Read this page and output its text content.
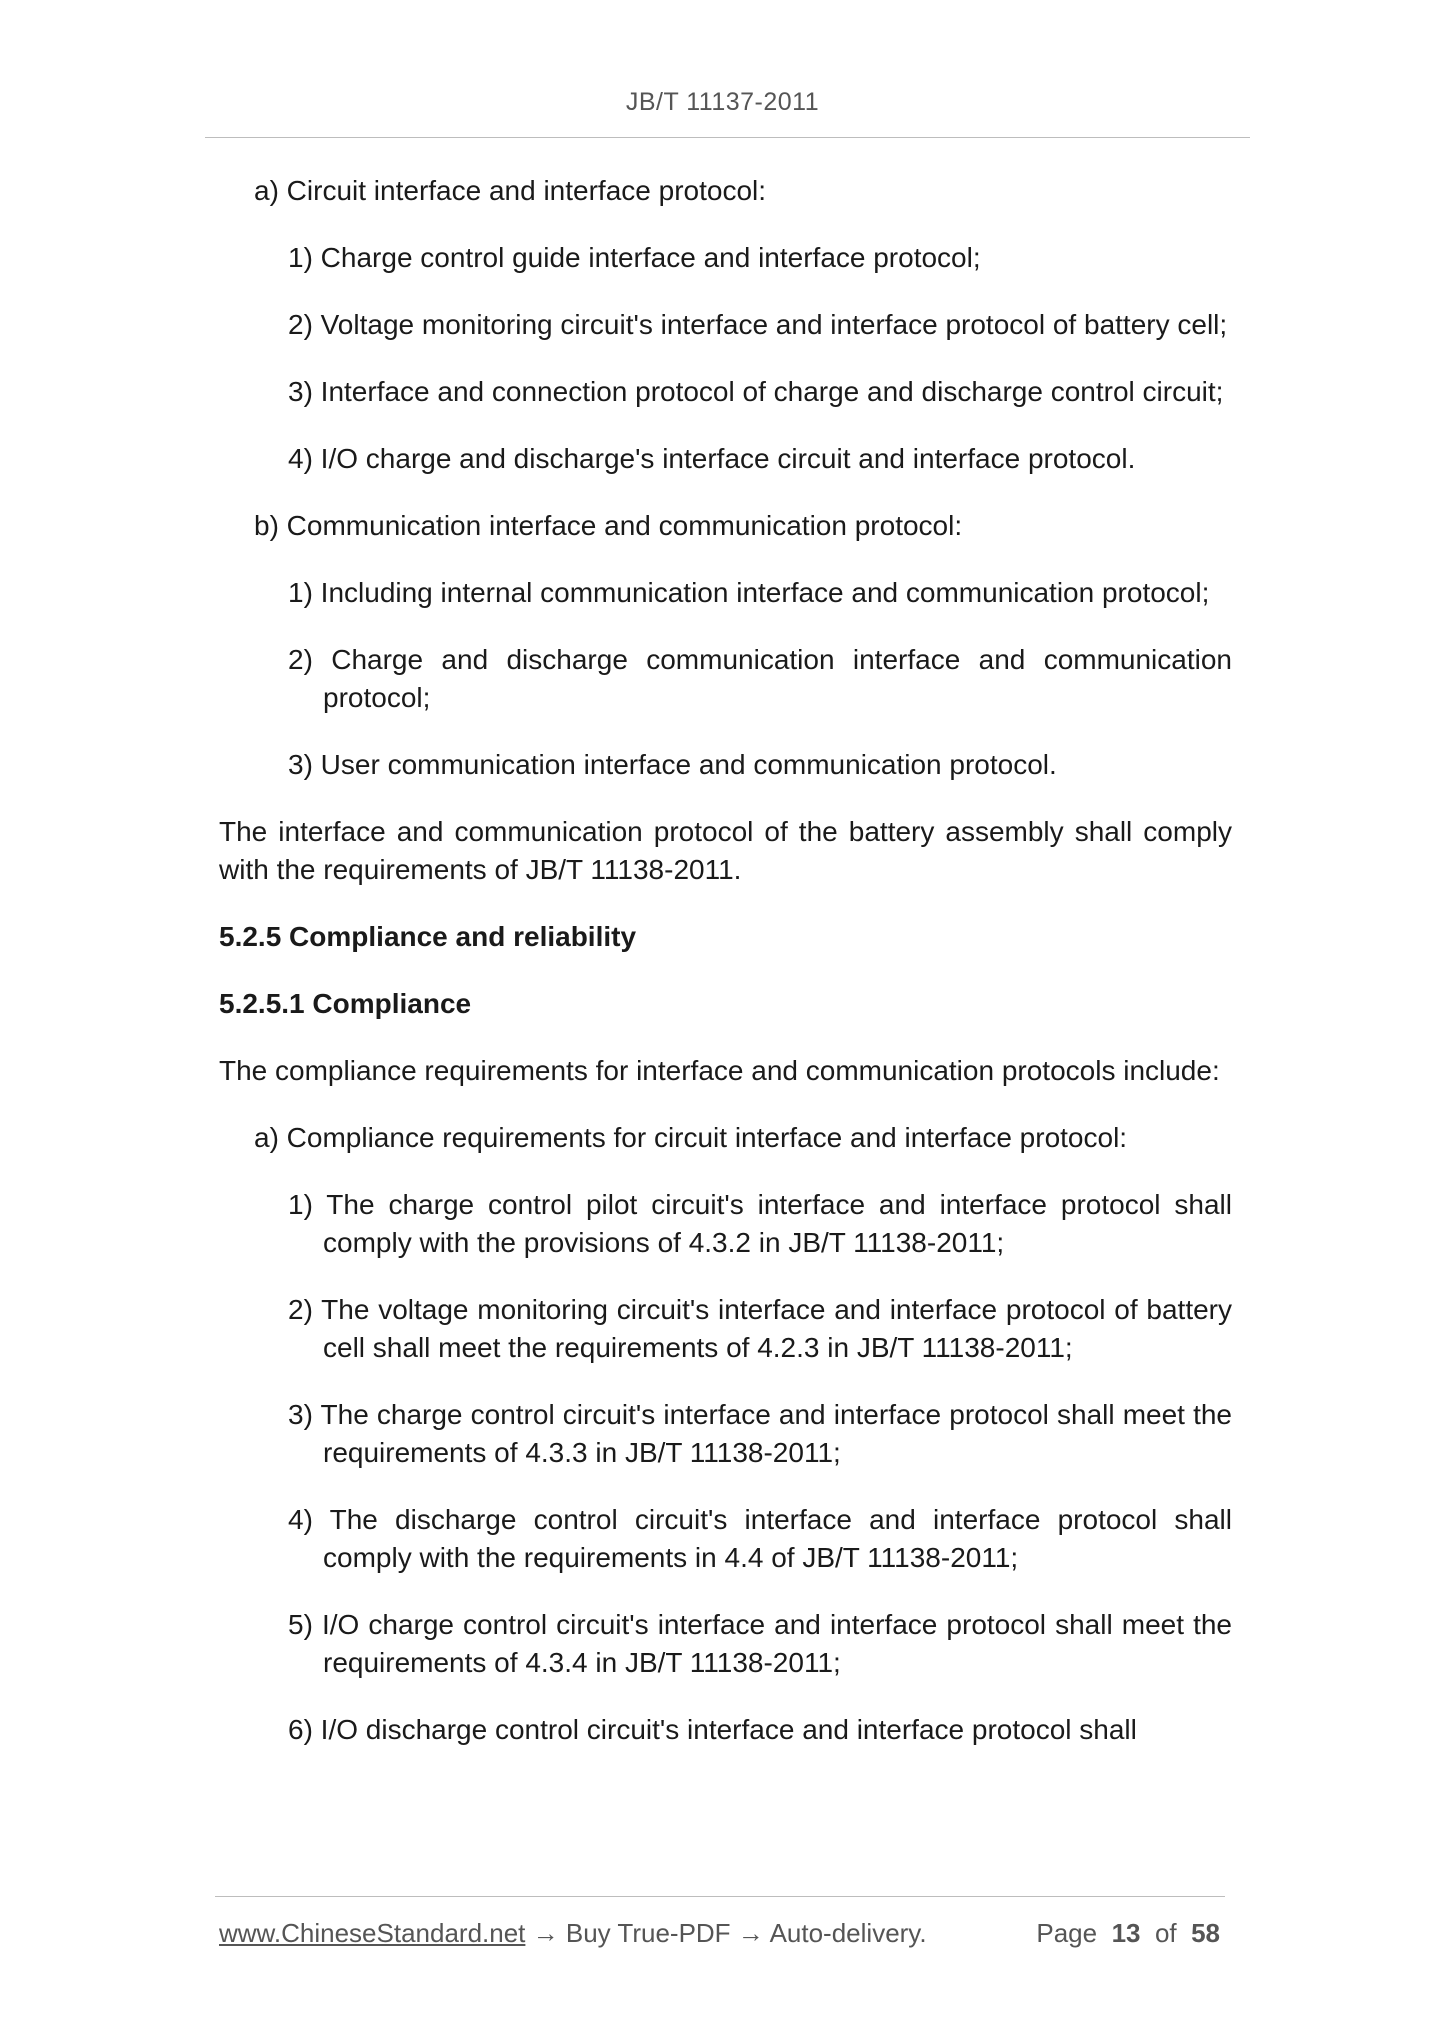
JB/T 11137-2011

a) Circuit interface and interface protocol:

1) Charge control guide interface and interface protocol;

2) Voltage monitoring circuit's interface and interface protocol of battery cell;

3) Interface and connection protocol of charge and discharge control circuit;

4) I/O charge and discharge's interface circuit and interface protocol.

b) Communication interface and communication protocol:

1) Including internal communication interface and communication protocol;

2) Charge and discharge communication interface and communication protocol;

3) User communication interface and communication protocol.

The interface and communication protocol of the battery assembly shall comply with the requirements of JB/T 11138-2011.

5.2.5 Compliance and reliability

5.2.5.1 Compliance

The compliance requirements for interface and communication protocols include:

a) Compliance requirements for circuit interface and interface protocol:

1) The charge control pilot circuit's interface and interface protocol shall comply with the provisions of 4.3.2 in JB/T 11138-2011;

2) The voltage monitoring circuit's interface and interface protocol of battery cell shall meet the requirements of 4.2.3 in JB/T 11138-2011;

3) The charge control circuit's interface and interface protocol shall meet the requirements of 4.3.3 in JB/T 11138-2011;

4) The discharge control circuit's interface and interface protocol shall comply with the requirements in 4.4 of JB/T 11138-2011;

5) I/O charge control circuit's interface and interface protocol shall meet the requirements of 4.3.4 in JB/T 11138-2011;

6) I/O discharge control circuit's interface and interface protocol shall

www.ChineseStandard.net → Buy True-PDF → Auto-delivery.	Page 13 of 58
